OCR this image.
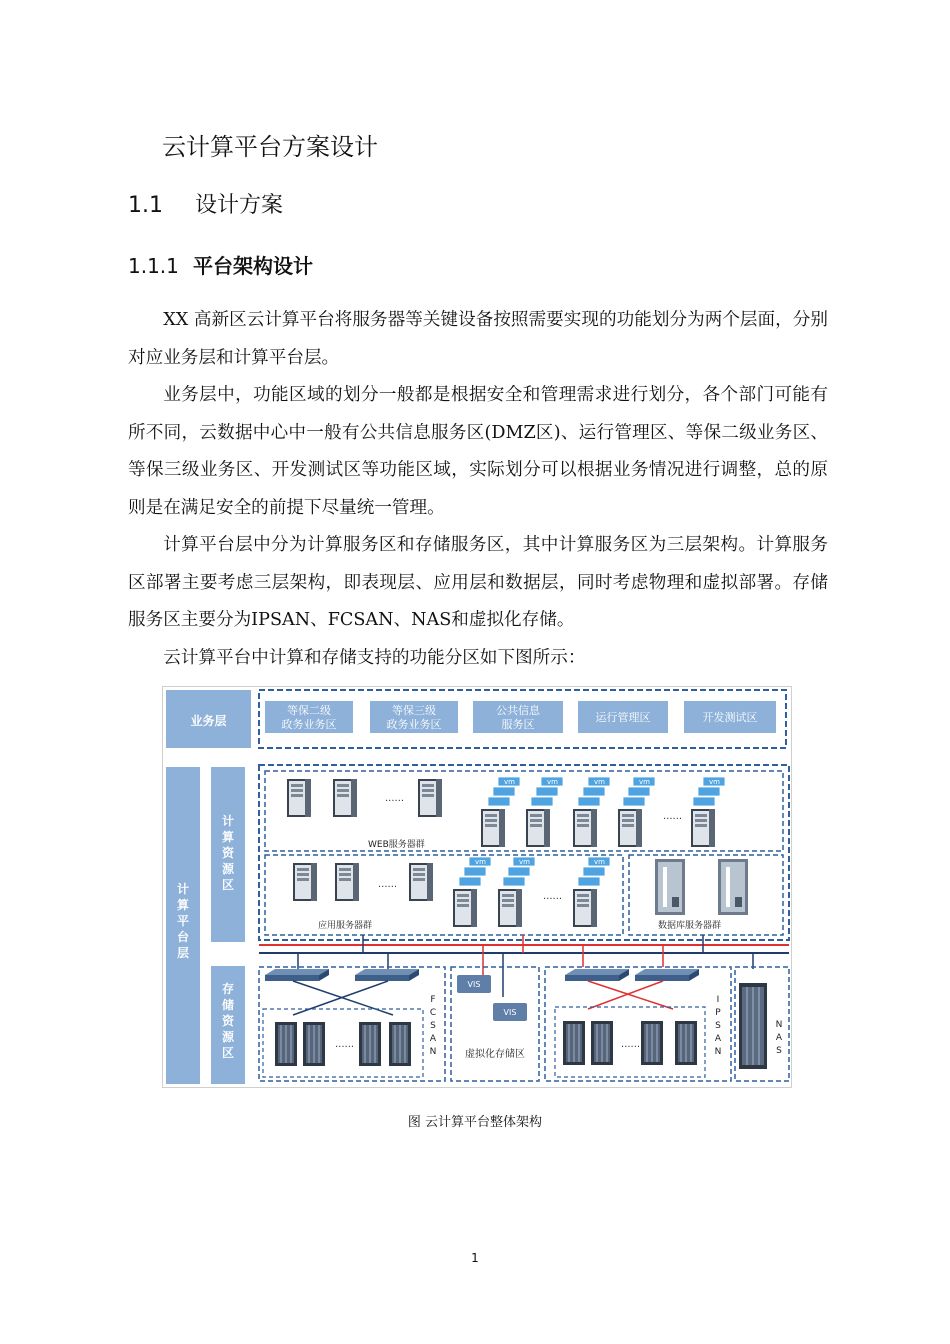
云计算平台方案设计
1.1 设计方案
1.1.1 平台架构设计

XX 高新区云计算平台将服务器等关键设备按照需要实现的功能划分为两个层面，分别对应业务层和计算平台层。

业务层中，功能区域的划分一般都是根据安全和管理需求进行划分，各个部门可能有所不同，云数据中心中一般有公共信息服务区(DMZ区)、运行管理区、等保二级业务区、等保三级业务区、开发测试区等功能区域，实际划分可以根据业务情况进行调整，总的原则是在满足安全的前提下尽量统一管理。

计算平台层中分为计算服务区和存储服务区，其中计算服务区为三层架构。计算服务区部署主要考虑三层架构，即表现层、应用层和数据层，同时考虑物理和虚拟部署。存储服务区主要分为IPSAN、FCSAN、NAS和虚拟化存储。

云计算平台中计算和存储支持的功能分区如下图所示：

业务层
等保二级
政务业务区
等保三级
政务业务区
公共信息
服务区
运行管理区	开发测试区
计
算
平
台
层
计
算
资
源
区
存
储
资
源
区
......
WEB服务器群
vm	vm	vm	vm
......
vm
......
vm	vm
......
vm
应用服务器群	数据库服务器群
......
F
C
S
A
N
VIS
VIS
虚拟化存储区
......
I
P
S
A
N
N
A
S
图 云计算平台整体架构
1
